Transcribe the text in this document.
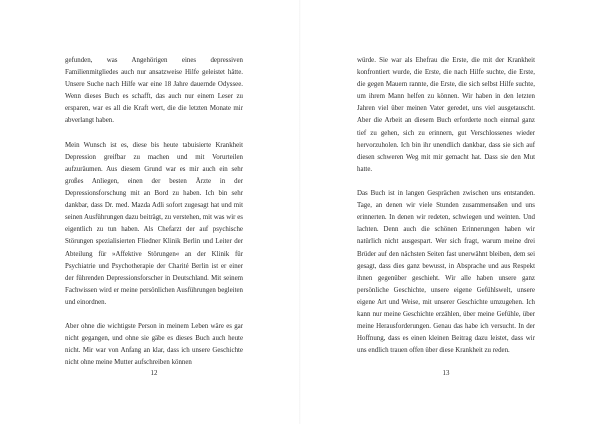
gefunden, was Angehörigen eines depressiven Familienmitgliedes auch nur ansatzweise Hilfe geleistet hätte. Unsere Suche nach Hilfe war eine 18 Jahre dauernde Odyssee. Wenn dieses Buch es schafft, das auch nur einem Leser zu ersparen, war es all die Kraft wert, die die letzten Monate mir abverlangt haben.

Mein Wunsch ist es, diese bis heute tabuisierte Krankheit Depression greifbar zu machen und mit Vorurteilen aufzuräumen. Aus diesem Grund war es mir auch ein sehr großes Anliegen, einen der besten Ärzte in der Depressionsforschung mit an Bord zu haben. Ich bin sehr dankbar, dass Dr. med. Mazda Adli sofort zugesagt hat und mit seinen Ausführungen dazu beiträgt, zu verstehen, mit was wir es eigentlich zu tun haben. Als Chefarzt der auf psychische Störungen spezialisierten Fliedner Klinik Berlin und Leiter der Abteilung für »Affektive Störungen« an der Klinik für Psychiatrie und Psychotherapie der Charité Berlin ist er einer der führenden Depressionsforscher in Deutschland. Mit seinem Fachwissen wird er meine persönlichen Ausführungen begleiten und einordnen.

Aber ohne die wichtigste Person in meinem Leben wäre es gar nicht gegangen, und ohne sie gäbe es dieses Buch auch heute nicht. Mir war von Anfang an klar, dass ich unsere Geschichte nicht ohne meine Mutter aufschreiben können

12

würde. Sie war als Ehefrau die Erste, die mit der Krankheit konfrontiert wurde, die Erste, die nach Hilfe suchte, die Erste, die gegen Mauern rannte, die Erste, die sich selbst Hilfe suchte, um ihrem Mann helfen zu können. Wir haben in den letzten Jahren viel über meinen Vater geredet, uns viel ausgetauscht. Aber die Arbeit an diesem Buch erforderte noch einmal ganz tief zu gehen, sich zu erinnern, gut Verschlossenes wieder hervorzuholen. Ich bin ihr unendlich dankbar, dass sie sich auf diesen schweren Weg mit mir gemacht hat. Dass sie den Mut hatte.

Das Buch ist in langen Gesprächen zwischen uns entstanden. Tage, an denen wir viele Stunden zusammensaßen und uns erinnerten. In denen wir redeten, schwiegen und weinten. Und lachten. Denn auch die schönen Erinnerungen haben wir natürlich nicht ausgespart. Wer sich fragt, warum meine drei Brüder auf den nächsten Seiten fast unerwähnt bleiben, dem sei gesagt, dass dies ganz bewusst, in Absprache und aus Respekt ihnen gegenüber geschieht. Wir alle haben unsere ganz persönliche Geschichte, unsere eigene Gefühlswelt, unsere eigene Art und Weise, mit unserer Geschichte umzugehen. Ich kann nur meine Geschichte erzählen, über meine Gefühle, über meine Herausforderungen. Genau das habe ich versucht. In der Hoffnung, dass es einen kleinen Beitrag dazu leistet, dass wir uns endlich trauen offen über diese Krankheit zu reden.

13
